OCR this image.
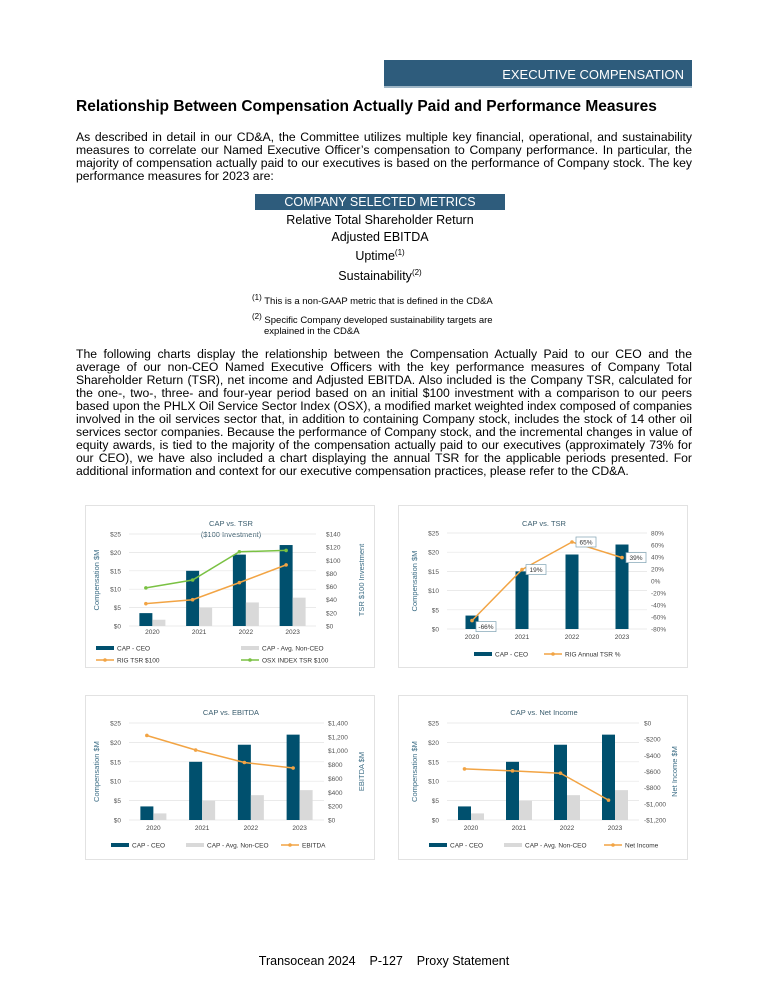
EXECUTIVE COMPENSATION
Relationship Between Compensation Actually Paid and Performance Measures
As described in detail in our CD&A, the Committee utilizes multiple key financial, operational, and sustainability measures to correlate our Named Executive Officer’s compensation to Company performance. In particular, the majority of compensation actually paid to our executives is based on the performance of Company stock. The key performance measures for 2023 are:
COMPANY SELECTED METRICS
Relative Total Shareholder Return
Adjusted EBITDA
Uptime$^{(1)}$
Sustainability$^{(2)}$
$^{(1)}$ This is a non-GAAP metric that is defined in the CD&A
$^{(2)}$ Specific Company developed sustainability targets are explained in the CD&A
The following charts display the relationship between the Compensation Actually Paid to our CEO and the average of our non-CEO Named Executive Officers with the key performance measures of Company Total Shareholder Return (TSR), net income and Adjusted EBITDA. Also included is the Company TSR, calculated for the one-, two-, three- and four-year period based on an initial $100 investment with a comparison to our peers based upon the PHLX Oil Service Sector Index (OSX), a modified market weighted index composed of companies involved in the oil services sector that, in addition to containing Company stock, includes the stock of 14 other oil services sector companies. Because the performance of Company stock, and the incremental changes in value of equity awards, is tied to the majority of the compensation actually paid to our executives (approximately 73% for our CEO), we have also included a chart displaying the annual TSR for the applicable periods presented. For additional information and context for our executive compensation practices, please refer to the CD&A.
CAP vs. TSR
($100 Investment)
$0
$5
$10
$15
$20
$25
$0
$20
$40
$60
$80
$100
$120
$140
Compensation $M	TSR $100 Investment
2020	2021	2022	2023
CAP - CEO	CAP - Avg. Non-CEO
RIG TSR $100	OSX INDEX TSR $100
CAP vs. TSR
$0
$5
$10
$15
$20
$25
-80%
-60%
-40%
-20%
0%
20%
40%
60%
80%
Compensation $M
2020	2021	2022	2023
-66%
19%
65%
39%
CAP - CEO	RIG Annual TSR %
CAP vs. EBITDA
$0
$5
$10
$15
$20
$25
$0
$200
$400
$600
$800
$1,000
$1,200
$1,400
Compensation $M	EBITDA $M
2020	2021	2022	2023
CAP - CEO	CAP - Avg. Non-CEO	EBITDA
CAP vs. Net Income
$0
$5
$10
$15
$20
$25
-$1,200
-$1,000
-$800
-$600
-$400
-$200
$0
Compensation $M	Net Income $M
2020	2021	2022	2023
CAP - CEO	CAP - Avg. Non-CEO	Net Income
Transocean 2024 P-127 Proxy Statement
